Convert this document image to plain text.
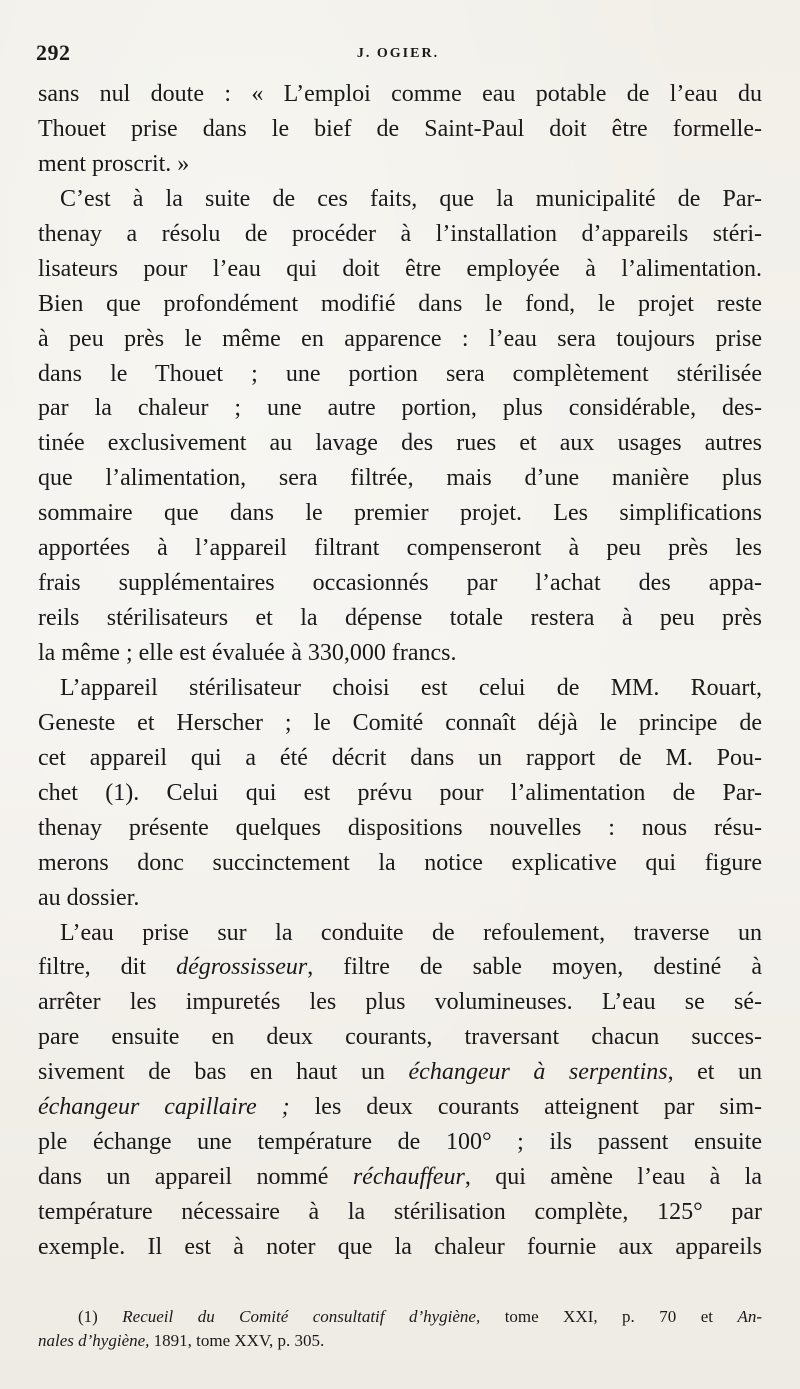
292	J. OGIER.
sans nul doute : « L’emploi comme eau potable de l’eau du
Thouet prise dans le bief de Saint-Paul doit être formelle-
ment proscrit. »
C’est à la suite de ces faits, que la municipalité de Par-
thenay a résolu de procéder à l’installation d’appareils stéri-
lisateurs pour l’eau qui doit être employée à l’alimentation.
Bien que profondément modifié dans le fond, le projet reste
à peu près le même en apparence : l’eau sera toujours prise
dans le Thouet ; une portion sera complètement stérilisée
par la chaleur ; une autre portion, plus considérable, des-
tinée exclusivement au lavage des rues et aux usages autres
que l’alimentation, sera filtrée, mais d’une manière plus
sommaire que dans le premier projet. Les simplifications
apportées à l’appareil filtrant compenseront à peu près les
frais supplémentaires occasionnés par l’achat des appa-
reils stérilisateurs et la dépense totale restera à peu près
la même ; elle est évaluée à 330,000 francs.
L’appareil stérilisateur choisi est celui de MM. Rouart,
Geneste et Herscher ; le Comité connaît déjà le principe de
cet appareil qui a été décrit dans un rapport de M. Pou-
chet (1). Celui qui est prévu pour l’alimentation de Par-
thenay présente quelques dispositions nouvelles : nous résu-
merons donc succinctement la notice explicative qui figure
au dossier.
L’eau prise sur la conduite de refoulement, traverse un
filtre, dit dégrossisseur, filtre de sable moyen, destiné à
arrêter les impuretés les plus volumineuses. L’eau se sé-
pare ensuite en deux courants, traversant chacun succes-
sivement de bas en haut un échangeur à serpentins, et un
échangeur capillaire ; les deux courants atteignent par sim-
ple échange une température de 100° ; ils passent ensuite
dans un appareil nommé réchauffeur, qui amène l’eau à la
température nécessaire à la stérilisation complète, 125° par
exemple. Il est à noter que la chaleur fournie aux appareils
(1) Recueil du Comité consultatif d’hygiène, tome XXI, p. 70 et An-
nales d’hygiène, 1891, tome XXV, p. 305.
